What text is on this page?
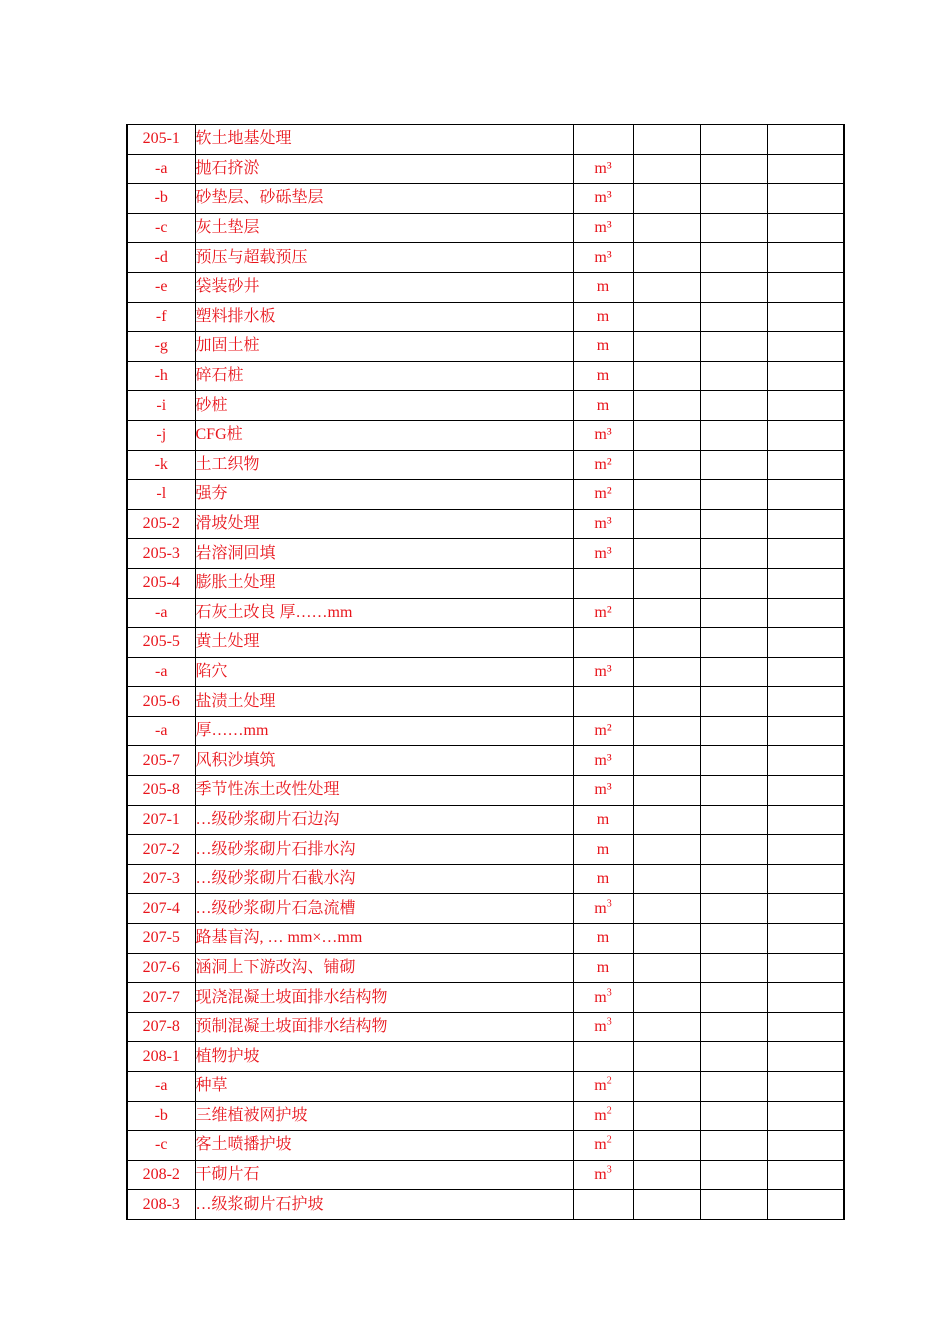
205-1	软土地基处理				
-a	抛石挤淤	m³			
-b	砂垫层、砂砾垫层	m³			
-c	灰土垫层	m³			
-d	预压与超载预压	m³			
-e	袋装砂井	m			
-f	塑料排水板	m			
-g	加固土桩	m			
-h	碎石桩	m			
-i	砂桩	m			
-j	CFG桩	m³			
-k	土工织物	m²			
-l	强夯	m²			
205-2	滑坡处理	m³			
205-3	岩溶洞回填	m³			
205-4	膨胀土处理				
-a	石灰土改良 厚……mm	m²			
205-5	黄土处理				
-a	陷穴	m³			
205-6	盐渍土处理				
-a	厚……mm	m²			
205-7	风积沙填筑	m³			
205-8	季节性冻土改性处理	m³			
207-1	…级砂浆砌片石边沟	m			
207-2	…级砂浆砌片石排水沟	m			
207-3	…级砂浆砌片石截水沟	m			
207-4	…级砂浆砌片石急流槽	$m^3$			
207-5	路基盲沟, … mm×…mm	m			
207-6	涵洞上下游改沟、铺砌	m			
207-7	现浇混凝土坡面排水结构物	$m^3$			
207-8	预制混凝土坡面排水结构物	$m^3$			
208-1	植物护坡				
-a	种草	$m^2$			
-b	三维植被网护坡	$m^2$			
-c	客土喷播护坡	$m^2$			
208-2	干砌片石	$m^3$			
208-3	…级浆砌片石护坡				
